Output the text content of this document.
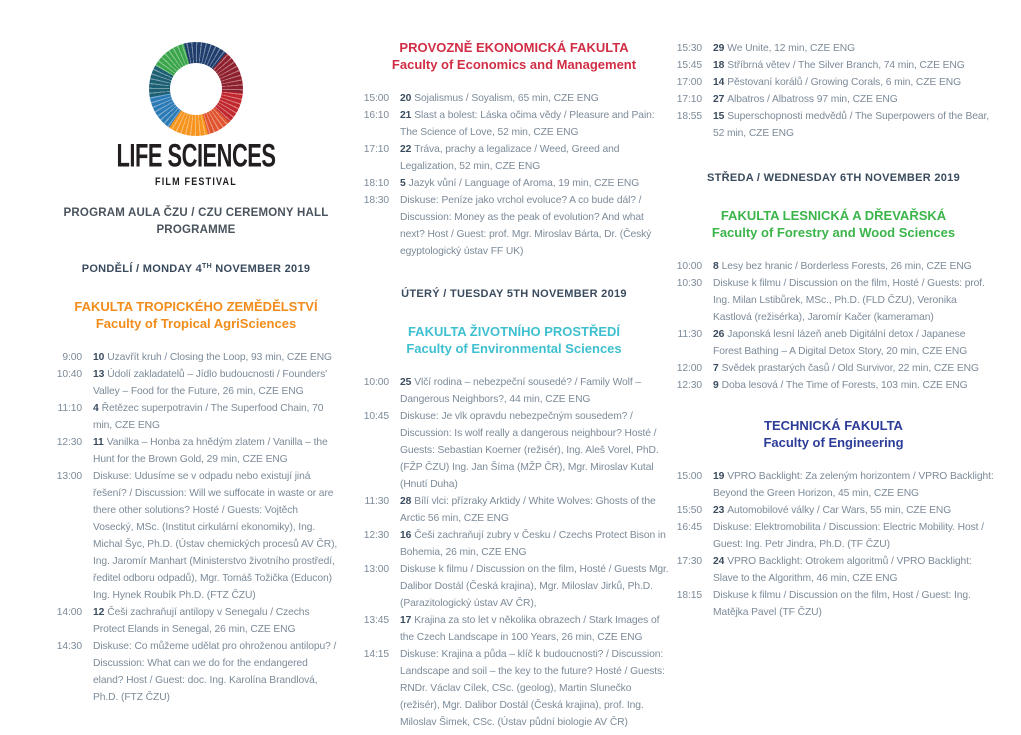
LIFE SCIENCES
FILM FESTIVAL
PROGRAM AULA ČZU / CZU CEREMONY HALL
PROGRAMME
PONDĚLÍ / MONDAY 4TH NOVEMBER 2019
FAKULTA TROPICKÉHO ZEMĚDĚLSTVÍ
Faculty of Tropical AgriSciences
9:00 10 Uzavřít kruh / Closing the Loop, 93 min, CZE ENG
10:40 13 Údolí zakladatelů – Jídlo budoucnosti / Founders' Valley – Food for the Future, 26 min, CZE ENG
11:10 4 Řetězec superpotravin / The Superfood Chain, 70 min, CZE ENG
12:30 11 Vanilka – Honba za hnědým zlatem / Vanilla – the Hunt for the Brown Gold, 29 min, CZE ENG
13:00 Diskuse: Udusíme se v odpadu nebo existují jiná řešení? / Discussion: Will we suffocate in waste or are there other solutions? Hosté / Guests: Vojtěch Vosecký, MSc. (Institut cirkulární ekonomiky), Ing. Michal Šyc, Ph.D. (Ústav chemických procesů AV ČR), Ing. Jaromír Manhart (Ministerstvo životního prostředí, ředitel odboru odpadů), Mgr. Tomáš Tožička (Educon) Ing. Hynek Roubík Ph.D. (FTZ ČZU)
14:00 12 Češi zachraňují antilopy v Senegalu / Czechs Protect Elands in Senegal, 26 min, CZE ENG
14:30 Diskuse: Co můžeme udělat pro ohroženou antilopu? / Discussion: What can we do for the endangered eland? Host / Guest: doc. Ing. Karolína Brandlová, Ph.D. (FTZ ČZU)
PROVOZNĚ EKONOMICKÁ FAKULTA
Faculty of Economics and Management
15:00 20 Sojalismus / Soyalism, 65 min, CZE ENG
16:10 21 Slast a bolest: Láska očima vědy / Pleasure and Pain: The Science of Love, 52 min, CZE ENG
17:10 22 Tráva, prachy a legalizace / Weed, Greed and Legalization, 52 min, CZE ENG
18:10 5 Jazyk vůní / Language of Aroma, 19 min, CZE ENG
18:30 Diskuse: Peníze jako vrchol evoluce? A co bude dál? / Discussion: Money as the peak of evolution? And what next? Host / Guest: prof. Mgr. Miroslav Bárta, Dr. (Český egyptologický ústav FF UK)
ÚTERÝ / TUESDAY 5TH NOVEMBER 2019
FAKULTA ŽIVOTNÍHO PROSTŘEDÍ
Faculty of Environmental Sciences
10:00 25 Vlčí rodina – nebezpeční sousedé? / Family Wolf – Dangerous Neighbors?, 44 min, CZE ENG
10:45 Diskuse: Je vlk opravdu nebezpečným sousedem? / Discussion: Is wolf really a dangerous neighbour? Hosté / Guests: Sebastian Koerner (režisér), Ing. Aleš Vorel, PhD. (FŽP ČZU) Ing. Jan Šíma (MŽP ČR), Mgr. Miroslav Kutal (Hnutí Duha)
11:30 28 Bílí vlci: přízraky Arktidy / White Wolves: Ghosts of the Arctic 56 min, CZE ENG
12:30 16 Češi zachraňují zubry v Česku / Czechs Protect Bison in Bohemia, 26 min, CZE ENG
13:00 Diskuse k filmu / Discussion on the film, Hosté / Guests Mgr. Dalibor Dostál (Česká krajina), Mgr. Miloslav Jirků, Ph.D. (Parazitologický ústav AV ČR),
13:45 17 Krajina za sto let v několika obrazech / Stark Images of the Czech Landscape in 100 Years, 26 min, CZE ENG
14:15 Diskuse: Krajina a půda – klíč k budoucnosti? / Discussion: Landscape and soil – the key to the future? Hosté / Guests: RNDr. Václav Cílek, CSc. (geolog), Martin Slunečko (režisér), Mgr. Dalibor Dostál (Česká krajina), prof. Ing. Miloslav Šimek, CSc. (Ústav půdní biologie AV ČR)
15:30 29 We Unite, 12 min, CZE ENG
15:45 18 Stříbrná větev / The Silver Branch, 74 min, CZE ENG
17:00 14 Pěstovaní korálů / Growing Corals, 6 min, CZE ENG
17:10 27 Albatros / Albatross 97 min, CZE ENG
18:55 15 Superschopnosti medvědů / The Superpowers of the Bear, 52 min, CZE ENG
STŘEDA / WEDNESDAY 6TH NOVEMBER 2019
FAKULTA LESNICKÁ A DŘEVAŘSKÁ
Faculty of Forestry and Wood Sciences
10:00 8 Lesy bez hranic / Borderless Forests, 26 min, CZE ENG
10:30 Diskuse k filmu / Discussion on the film, Hosté / Guests: prof. Ing. Milan Lstibůrek, MSc., Ph.D. (FLD ČZU), Veronika Kastlová (režisérka), Jaromír Kačer (kameraman)
11:30 26 Japonská lesní lázeň aneb Digitální detox / Japanese Forest Bathing – A Digital Detox Story, 20 min, CZE ENG
12:00 7 Svědek prastarých časů / Old Survivor, 22 min, CZE ENG
12:30 9 Doba lesová / The Time of Forests, 103 min. CZE ENG
TECHNICKÁ FAKULTA
Faculty of Engineering
15:00 19 VPRO Backlight: Za zeleným horizontem / VPRO Backlight: Beyond the Green Horizon, 45 min, CZE ENG
15:50 23 Automobilové války / Car Wars, 55 min, CZE ENG
16:45 Diskuse: Elektromobilita / Discussion: Electric Mobility. Host / Guest: Ing. Petr Jindra, Ph.D. (TF ČZU)
17:30 24 VPRO Backlight: Otrokem algoritmů / VPRO Backlight: Slave to the Algorithm, 46 min, CZE ENG
18:15 Diskuse k filmu / Discussion on the film, Host / Guest: Ing. Matějka Pavel (TF ČZU)
